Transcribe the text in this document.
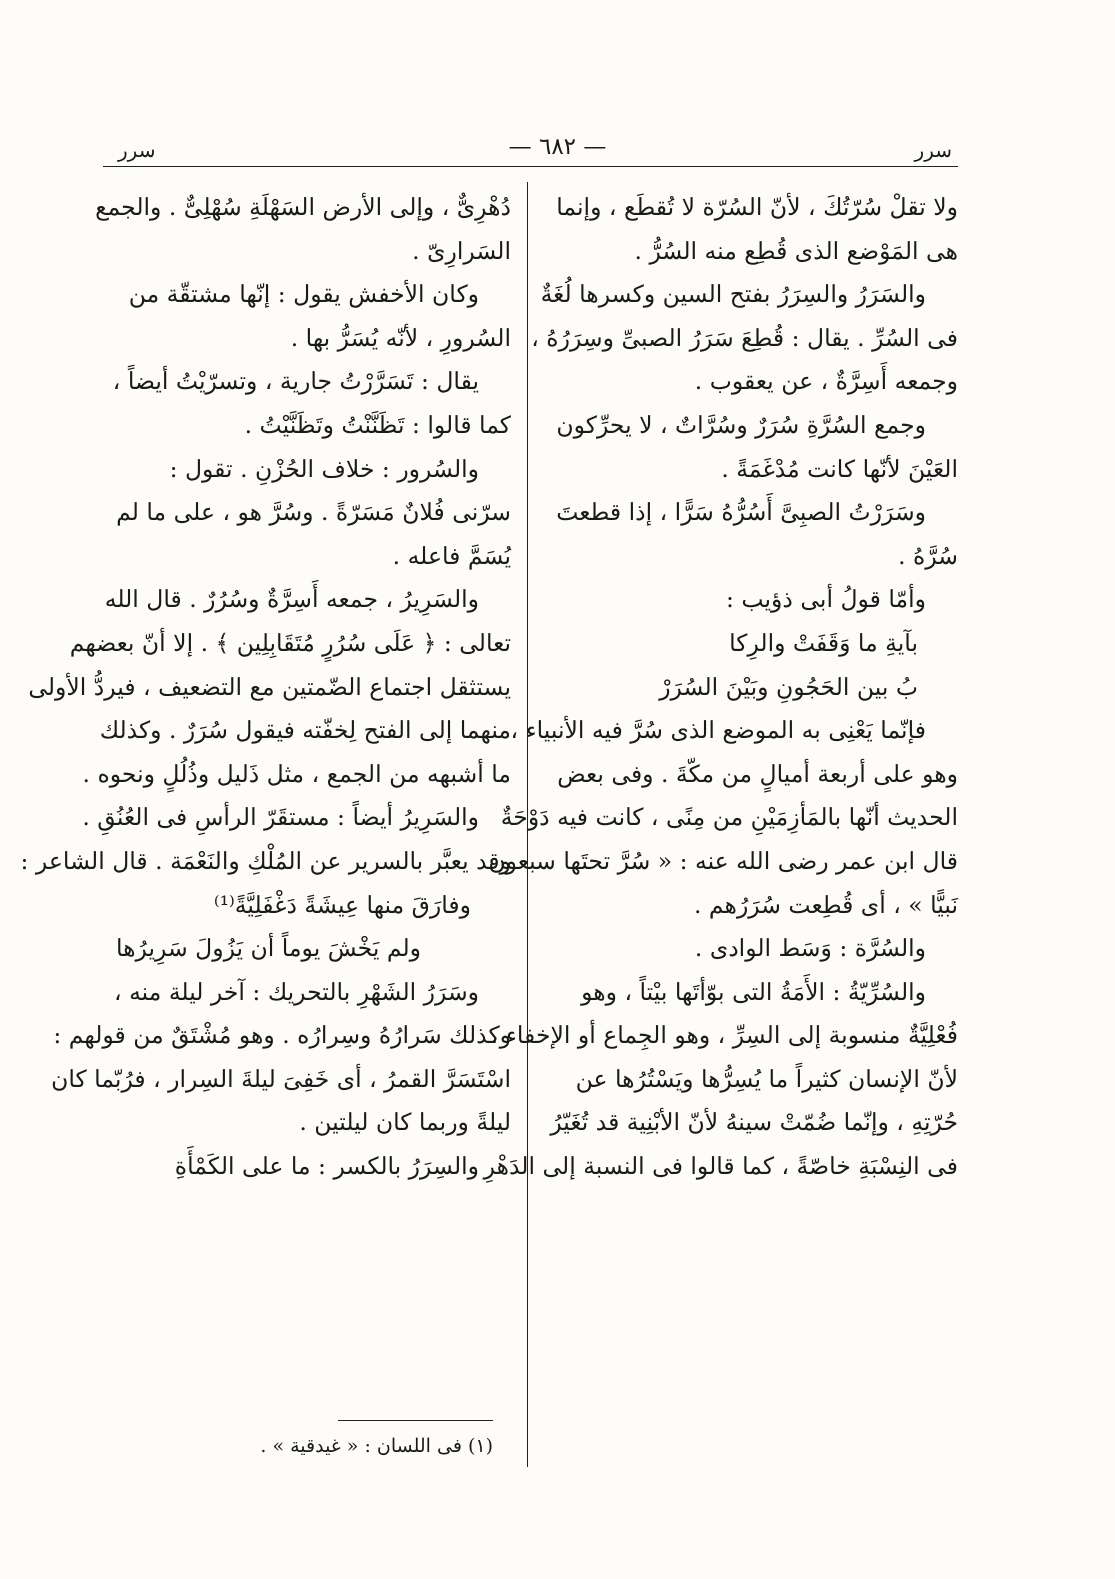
سرر
— ٦٨٢ —
سرر
ولا تقلْ سُرّتُكَ ، لأنّ السُرّة لا تُقطَع ، وإنما
هى المَوْضع الذى قُطِع منه السُرُّ .
والسَرَرُ والسِرَرُ بفتح السين وكسرها لُغَةٌ
فى السُرِّ . يقال : قُطِعَ سَرَرُ الصبىِّ وسِرَرُهُ ،
وجمعه أَسِرَّةٌ ، عن يعقوب .
وجمع السُرَّةِ سُرَرٌ وسُرَّاتٌ ، لا يحرِّكون
العَيْنَ لأنّها كانت مُدْغَمَةً .
وسَرَرْتُ الصبِىَّ أَسُرُّهُ سَرًّا ، إذا قطعتَ
سُرَّهُ .
وأمّا قولُ أبى ذؤيب :
بآيةِ ما وَقَفَتْ والرِكا
بُ بين الحَجُونِ وبَيْنَ السُرَرْ
فإنّما يَعْنِى به الموضع الذى سُرَّ فيه الأنبياء ،
وهو على أربعة أميالٍ من مكّةَ . وفى بعض
الحديث أنّها بالمَأزِمَيْنِ من مِنًى ، كانت فيه دَوْحَةٌ
قال ابن عمر رضى الله عنه : « سُرَّ تحتَها سبعون
نَبيًّا » ، أى قُطِعت سُرَرُهم .
والسُرَّة : وَسَط الوادى .
والسُرِّيّةُ : الأَمَةُ التى بوّأتَها بيْتاً ، وهو
فُعْلِيَّةٌ منسوبة إلى السِرِّ ، وهو الجِماع أو الإخفاء ،
لأنّ الإنسان كثيراً ما يُسِرُّها ويَسْتُرُها عن
حُرّتِهِ ، وإنّما ضُمّتْ سينهُ لأنّ الأبْنِية قد تُغَيّرُ
فى النِسْبَةِ خاصّةً ، كما قالوا فى النسبة إلى الدَهْرِ
دُهْرِىٌّ ، وإلى الأرض السَهْلَةِ سُهْلِىٌّ . والجمع
السَرارِىّ .
وكان الأخفش يقول : إنّها مشتقّة من
السُرورِ ، لأنّه يُسَرُّ بها .
يقال : تَسَرَّرْتُ جارية ، وتسرّيْتُ أيضاً ،
كما قالوا : تَظَنَّنْتُ وتَظَنَّيْتُ .
والسُرور : خلاف الحُزْنِ . تقول :
سرّنى فُلانٌ مَسَرّةً . وسُرَّ هو ، على ما لم
يُسَمَّ فاعله .
والسَرِيرُ ، جمعه أَسِرَّةٌ وسُرُرٌ . قال الله
تعالى : ﴿ عَلَى سُرُرٍ مُتَقَابِلِين ﴾ . إلا أنّ بعضهم
يستثقل اجتماع الضّمتين مع التضعيف ، فيردُّ الأولى
منهما إلى الفتح لِخفّته فيقول سُرَرٌ . وكذلك
ما أشبهه من الجمع ، مثل ذَليل وذُلُلٍ ونحوه .
والسَرِيرُ أيضاً : مستقَرّ الرأسِ فى العُنُقِ .
وقد يعبَّر بالسرير عن المُلْكِ والنَعْمَة . قال الشاعر :
وفارَقَ منها عِيشَةً دَغْفَلِيَّةً⁽¹⁾
ولم يَخْشَ يوماً أن يَزُولَ سَرِيرُها
وسَرَرُ الشَهْرِ بالتحريك : آخر ليلة منه ،
وكذلك سَرارُهُ وسِرارُه . وهو مُشْتَقٌ من قولهم :
اسْتَسَرَّ القمرُ ، أى خَفِىَ ليلةَ السِرار ، فرُبّما كان
ليلةً وربما كان ليلتين .
والسِرَرُ بالكسر : ما على الكَمْأَةِ
(١) فى اللسان : « غيدقية » .
